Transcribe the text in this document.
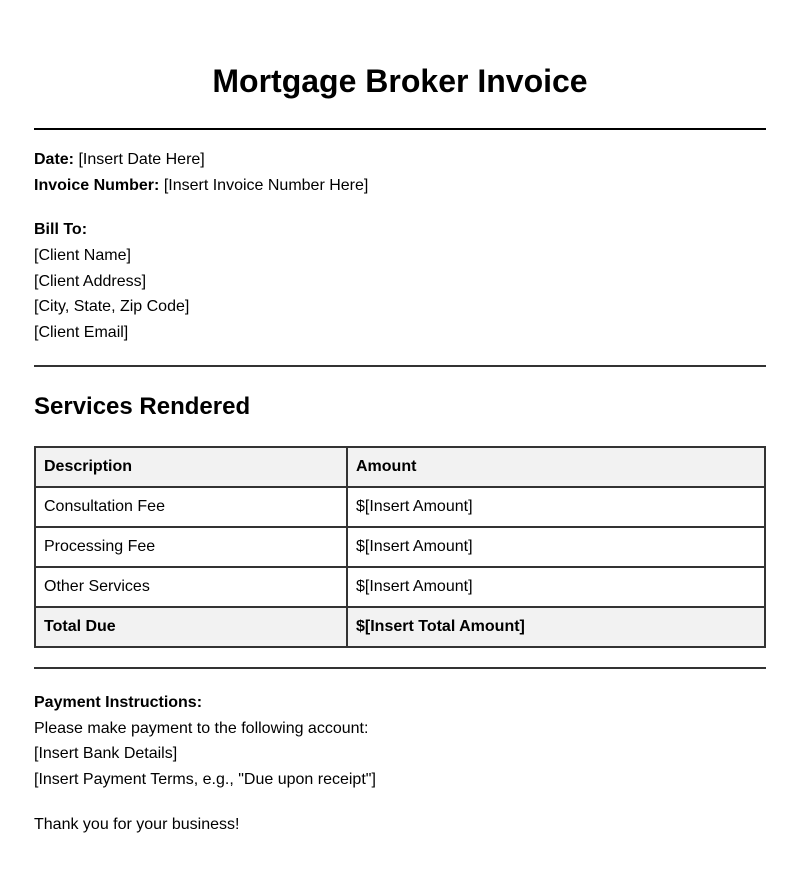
Mortgage Broker Invoice
Date: [Insert Date Here]
Invoice Number: [Insert Invoice Number Here]
Bill To:
[Client Name]
[Client Address]
[City, State, Zip Code]
[Client Email]
Services Rendered
Description	Amount
Consultation Fee	$[Insert Amount]
Processing Fee	$[Insert Amount]
Other Services	$[Insert Amount]
Total Due	$[Insert Total Amount]
Payment Instructions:
Please make payment to the following account:
[Insert Bank Details]
[Insert Payment Terms, e.g., "Due upon receipt"]
Thank you for your business!
